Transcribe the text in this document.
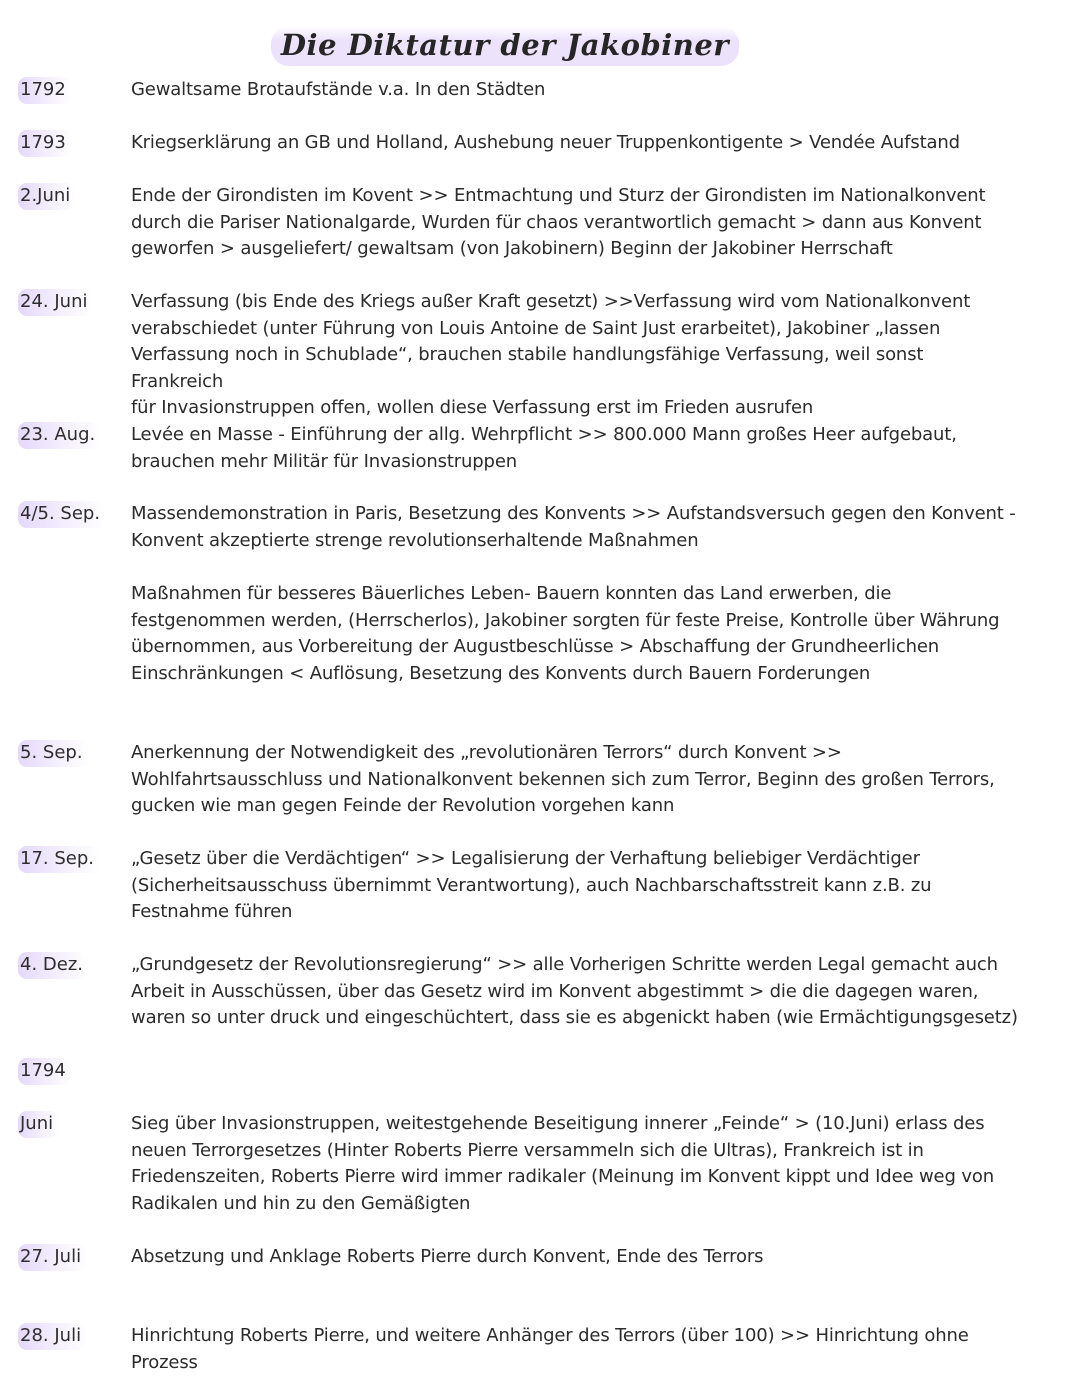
Die Diktatur der Jakobiner
1792	Gewaltsame Brotaufstände v.a. In den Städten
1793	Kriegserklärung an GB und Holland, Aushebung neuer Truppenkontigente > Vendée Aufstand
2.Juni	Ende der Girondisten im Kovent >> Entmachtung und Sturz der Girondisten im Nationalkonvent
durch die Pariser Nationalgarde, Wurden für chaos verantwortlich gemacht > dann aus Konvent
geworfen > ausgeliefert/ gewaltsam (von Jakobinern) Beginn der Jakobiner Herrschaft
24. Juni	Verfassung (bis Ende des Kriegs außer Kraft gesetzt) >>Verfassung wird vom Nationalkonvent
verabschiedet (unter Führung von Louis Antoine de Saint Just erarbeitet), Jakobiner „lassen
Verfassung noch in Schublade“, brauchen stabile handlungsfähige Verfassung, weil sonst Frankreich
für Invasionstruppen offen, wollen diese Verfassung erst im Frieden ausrufen
23. Aug.	Levée en Masse - Einführung der allg. Wehrpflicht >> 800.000 Mann großes Heer aufgebaut,
brauchen mehr Militär für Invasionstruppen
4/5. Sep.	Massendemonstration in Paris, Besetzung des Konvents >> Aufstandsversuch gegen den Konvent -
Konvent akzeptierte strenge revolutionserhaltende Maßnahmen
Maßnahmen für besseres Bäuerliches Leben- Bauern konnten das Land erwerben, die
festgenommen werden, (Herrscherlos), Jakobiner sorgten für feste Preise, Kontrolle über Währung
übernommen, aus Vorbereitung der Augustbeschlüsse > Abschaffung der Grundheerlichen
Einschränkungen < Auflösung, Besetzung des Konvents durch Bauern Forderungen
5. Sep.	Anerkennung der Notwendigkeit des „revolutionären Terrors“ durch Konvent >>
Wohlfahrtsausschluss und Nationalkonvent bekennen sich zum Terror, Beginn des großen Terrors,
gucken wie man gegen Feinde der Revolution vorgehen kann
17. Sep.	„Gesetz über die Verdächtigen“ >> Legalisierung der Verhaftung beliebiger Verdächtiger
(Sicherheitsausschuss übernimmt Verantwortung), auch Nachbarschaftsstreit kann z.B. zu
Festnahme führen
4. Dez.	„Grundgesetz der Revolutionsregierung“ >> alle Vorherigen Schritte werden Legal gemacht auch
Arbeit in Ausschüssen, über das Gesetz wird im Konvent abgestimmt > die die dagegen waren,
waren so unter druck und eingeschüchtert, dass sie es abgenickt haben (wie Ermächtigungsgesetz)
1794
Juni	Sieg über Invasionstruppen, weitestgehende Beseitigung innerer „Feinde“ > (10.Juni) erlass des
neuen Terrorgesetzes (Hinter Roberts Pierre versammeln sich die Ultras), Frankreich ist in
Friedenszeiten, Roberts Pierre wird immer radikaler (Meinung im Konvent kippt und Idee weg von
Radikalen und hin zu den Gemäßigten
27. Juli	Absetzung und Anklage Roberts Pierre durch Konvent, Ende des Terrors
28. Juli	Hinrichtung Roberts Pierre, und weitere Anhänger des Terrors (über 100) >> Hinrichtung ohne
Prozess
